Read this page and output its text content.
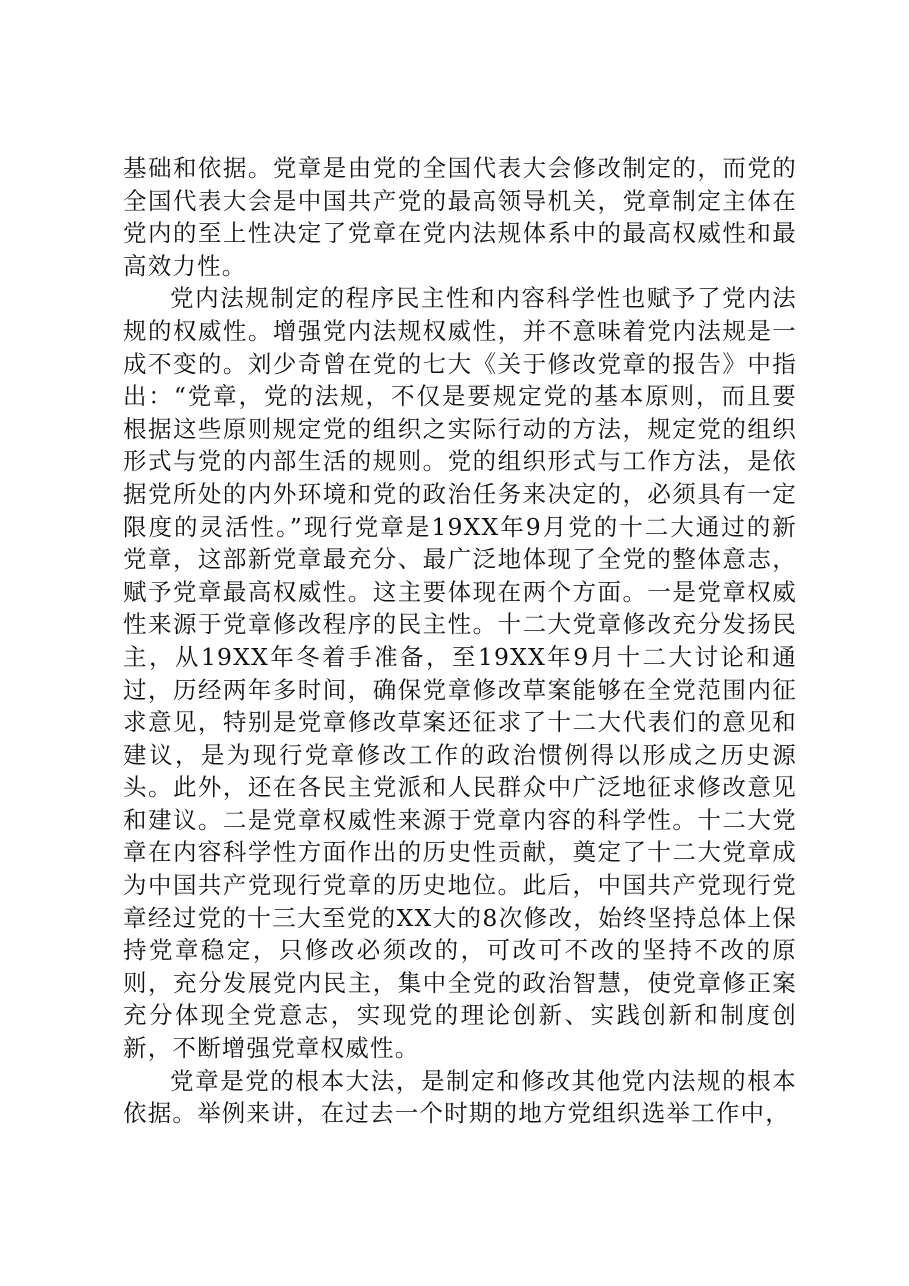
基础和依据。党章是由党的全国代表大会修改制定的，而党的全国代表大会是中国共产党的最高领导机关，党章制定主体在党内的至上性决定了党章在党内法规体系中的最高权威性和最高效力性。

党内法规制定的程序民主性和内容科学性也赋予了党内法规的权威性。增强党内法规权威性，并不意味着党内法规是一成不变的。刘少奇曾在党的七大《关于修改党章的报告》中指出：“党章，党的法规，不仅是要规定党的基本原则，而且要根据这些原则规定党的组织之实际行动的方法，规定党的组织形式与党的内部生活的规则。党的组织形式与工作方法，是依据党所处的内外环境和党的政治任务来决定的，必须具有一定限度的灵活性。”现行党章是19XX年9月党的十二大通过的新党章，这部新党章最充分、最广泛地体现了全党的整体意志，赋予党章最高权威性。这主要体现在两个方面。一是党章权威性来源于党章修改程序的民主性。十二大党章修改充分发扬民主，从19XX年冬着手准备，至19XX年9月十二大讨论和通过，历经两年多时间，确保党章修改草案能够在全党范围内征求意见，特别是党章修改草案还征求了十二大代表们的意见和建议，是为现行党章修改工作的政治惯例得以形成之历史源头。此外，还在各民主党派和人民群众中广泛地征求修改意见和建议。二是党章权威性来源于党章内容的科学性。十二大党章在内容科学性方面作出的历史性贡献，奠定了十二大党章成为中国共产党现行党章的历史地位。此后，中国共产党现行党章经过党的十三大至党的XX大的8次修改，始终坚持总体上保持党章稳定，只修改必须改的，可改可不改的坚持不改的原则，充分发展党内民主，集中全党的政治智慧，使党章修正案充分体现全党意志，实现党的理论创新、实践创新和制度创新，不断增强党章权威性。

党章是党的根本大法，是制定和修改其他党内法规的根本依据。举例来讲，在过去一个时期的地方党组织选举工作中，
